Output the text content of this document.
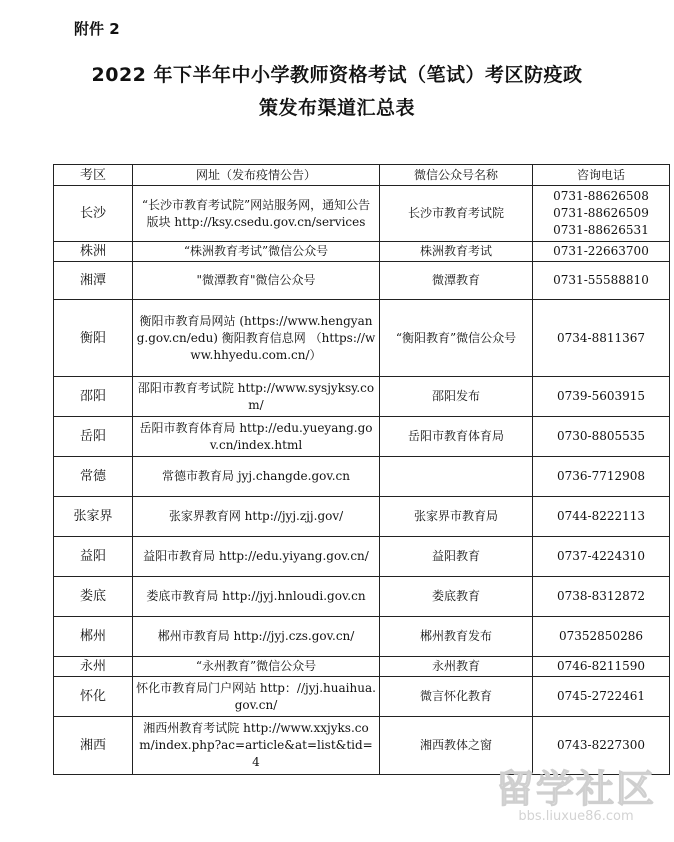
附件 2
2022 年下半年中小学教师资格考试（笔试）考区防疫政
策发布渠道汇总表
考区	网址（发布疫情公告）	微信公众号名称	咨询电话
长沙	“长沙市教育考试院”网站服务网，通知公告版块 http://ksy.csedu.gov.cn/services	长沙市教育考试院	0731-88626508
0731-88626509
0731-88626531

株洲	“株洲教育考试”微信公众号	株洲教育考试	0731-22663700

湘潭	"微潭教育"微信公众号	微潭教育	0731-55588810

衡阳	衡阳市教育局网站 (https://www.hengyang.gov.cn/edu) 衡阳教育信息网 （https://www.hhyedu.com.cn/）	“衡阳教育”微信公众号	0734-8811367

邵阳	邵阳市教育考试院 http://www.sysjyksy.com/	邵阳发布	0739-5603915

岳阳	岳阳市教育体育局 http://edu.yueyang.gov.cn/index.html	岳阳市教育体育局	0730-8805535

常德	常德市教育局 jyj.changde.gov.cn		0736-7712908

张家界	张家界教育网 http://jyj.zjj.gov/	张家界市教育局	0744-8222113

益阳	益阳市教育局 http://edu.yiyang.gov.cn/	益阳教育	0737-4224310

娄底	娄底市教育局 http://jyj.hnloudi.gov.cn	娄底教育	0738-8312872

郴州	郴州市教育局 http://jyj.czs.gov.cn/	郴州教育发布	07352850286

永州	“永州教育”微信公众号	永州教育	0746-8211590

怀化	怀化市教育局门户网站 http：//jyj.huaihua.gov.cn/	微言怀化教育	0745-2722461

湘西	湘西州教育考试院 http://www.xxjyks.com/index.php?ac=article&at=list&tid=4	湘西教体之窗	0743-8227300
留学社区
bbs.liuxue86.com
